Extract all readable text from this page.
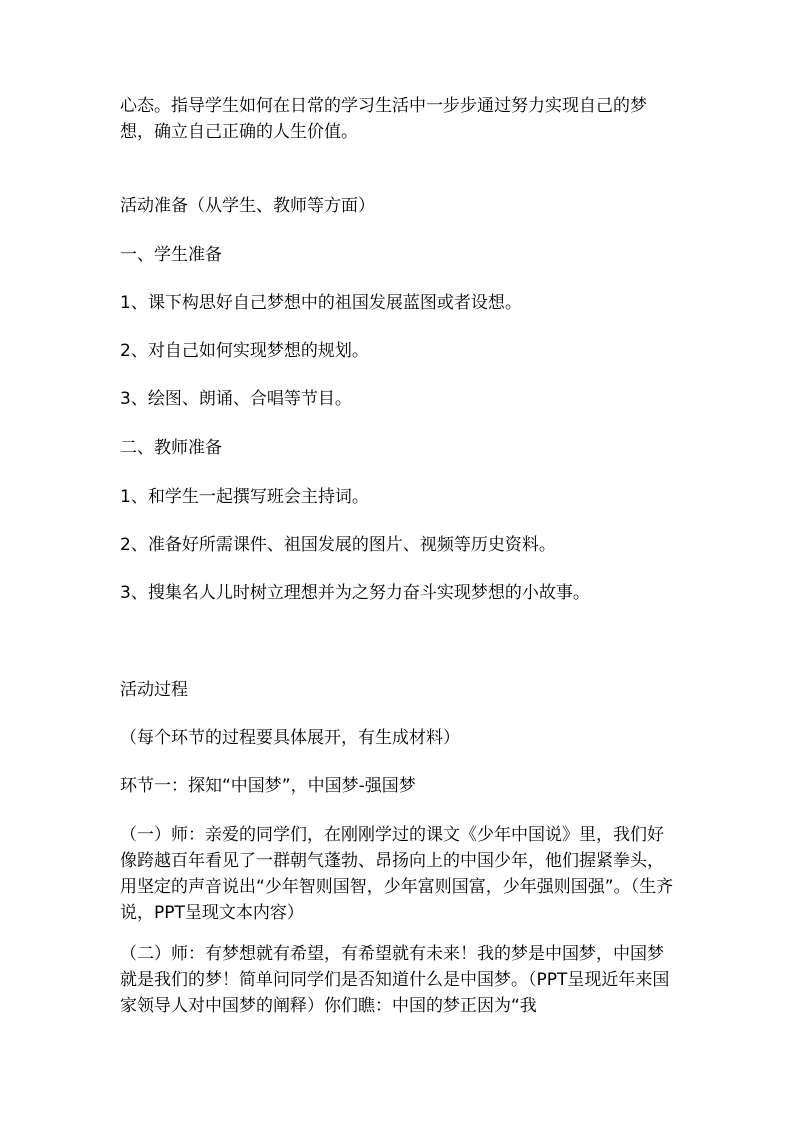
心态。指导学生如何在日常的学习生活中一步步通过努力实现自己的梦想，确立自己正确的人生价值。

活动准备（从学生、教师等方面）

一、学生准备

1、课下构思好自己梦想中的祖国发展蓝图或者设想。

2、对自己如何实现梦想的规划。

3、绘图、朗诵、合唱等节目。

二、教师准备

1、和学生一起撰写班会主持词。

2、准备好所需课件、祖国发展的图片、视频等历史资料。

3、搜集名人儿时树立理想并为之努力奋斗实现梦想的小故事。

活动过程

（每个环节的过程要具体展开，有生成材料）

环节一：探知“中国梦”，中国梦-强国梦

（一）师：亲爱的同学们，在刚刚学过的课文《少年中国说》里，我们好像跨越百年看见了一群朝气蓬勃、昂扬向上的中国少年，他们握紧拳头，用坚定的声音说出“少年智则国智，少年富则国富，少年强则国强”。（生齐说，PPT呈现文本内容）

（二）师：有梦想就有希望，有希望就有未来！我的梦是中国梦，中国梦就是我们的梦！简单问同学们是否知道什么是中国梦。（PPT呈现近年来国家领导人对中国梦的阐释）你们瞧：中国的梦正因为“我
